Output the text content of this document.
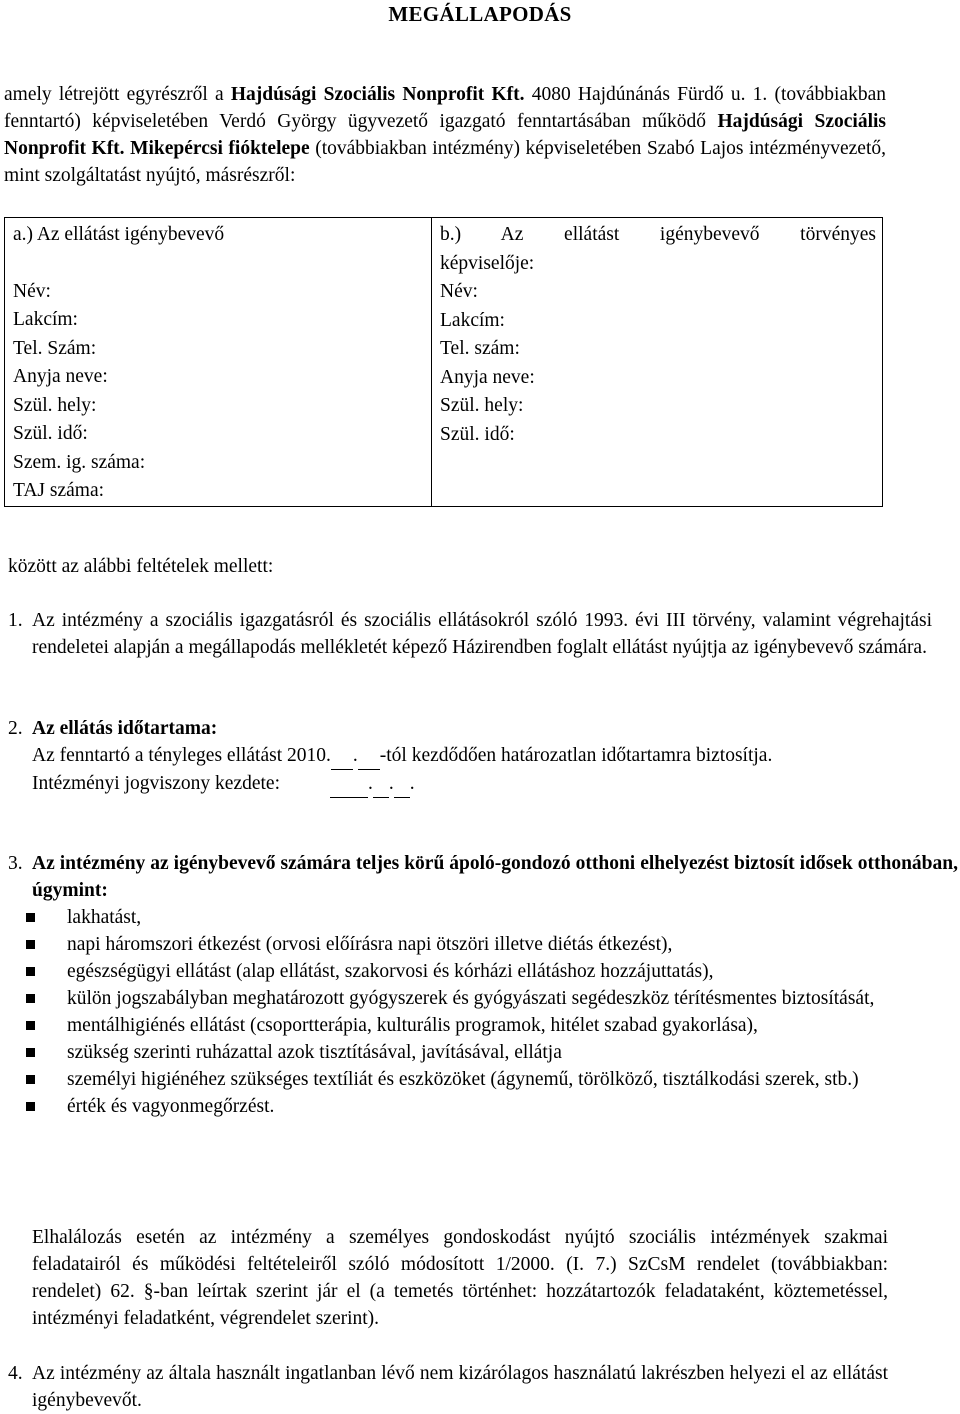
MEGÁLLAPODÁS
amely létrejött egyrészről a Hajdúsági Szociális Nonprofit Kft. 4080 Hajdúnánás Fürdő u. 1. (továbbiakban fenntartó) képviseletében Verdó György ügyvezető igazgató fenntartásában működő Hajdúsági Szociális Nonprofit Kft. Mikepércsi fióktelepe (továbbiakban intézmény) képviseletében Szabó Lajos intézményvezető, mint szolgáltatást nyújtó, másrészről:
a.) Az ellátást igénybevevő
Név:
Lakcím:
Tel. Szám:
Anyja neve:
Szül. hely:
Szül. idő:
Szem. ig. száma:
TAJ száma:

b.) Az ellátást igénybevevő törvényes
képviselője:
Név:
Lakcím:
Tel. szám:
Anyja neve:
Szül. hely:
Szül. idő:
között az alábbi feltételek mellett:
1. Az intézmény a szociális igazgatásról és szociális ellátásokról szóló 1993. évi III törvény, valamint végrehajtási rendeletei alapján a megállapodás mellékletét képező Házirendben foglalt ellátást nyújtja az igénybevevő számára.
2. Az ellátás időtartama:
Az fenntartó a tényleges ellátást 2010. . -tól kezdődően határozatlan időtartamra biztosítja.
Intézményi jogviszony kezdete:	. . .
3. Az intézmény az igénybevevő számára teljes körű ápoló-gondozó otthoni elhelyezést biztosít idősek otthonában, úgymint:
lakhatást,
napi háromszori étkezést (orvosi előírásra napi ötszöri illetve diétás étkezést),
egészségügyi ellátást (alap ellátást, szakorvosi és kórházi ellátáshoz hozzájuttatás),
külön jogszabályban meghatározott gyógyszerek és gyógyászati segédeszköz térítésmentes biztosítását,
mentálhigiénés ellátást (csoportterápia, kulturális programok, hitélet szabad gyakorlása),
szükség szerinti ruházattal azok tisztításával, javításával, ellátja
személyi higiénéhez szükséges textíliát és eszközöket (ágynemű, törölköző, tisztálkodási szerek, stb.)
érték és vagyonmegőrzést.
Elhalálozás esetén az intézmény a személyes gondoskodást nyújtó szociális intézmények szakmai feladatairól és működési feltételeiről szóló módosított 1/2000. (I. 7.) SzCsM rendelet (továbbiakban: rendelet) 62. §-ban leírtak szerint jár el (a temetés történhet: hozzátartozók feladataként, köztemetéssel, intézményi feladatként, végrendelet szerint).
4. Az intézmény az általa használt ingatlanban lévő nem kizárólagos használatú lakrészben helyezi el az ellátást igénybevevőt.
